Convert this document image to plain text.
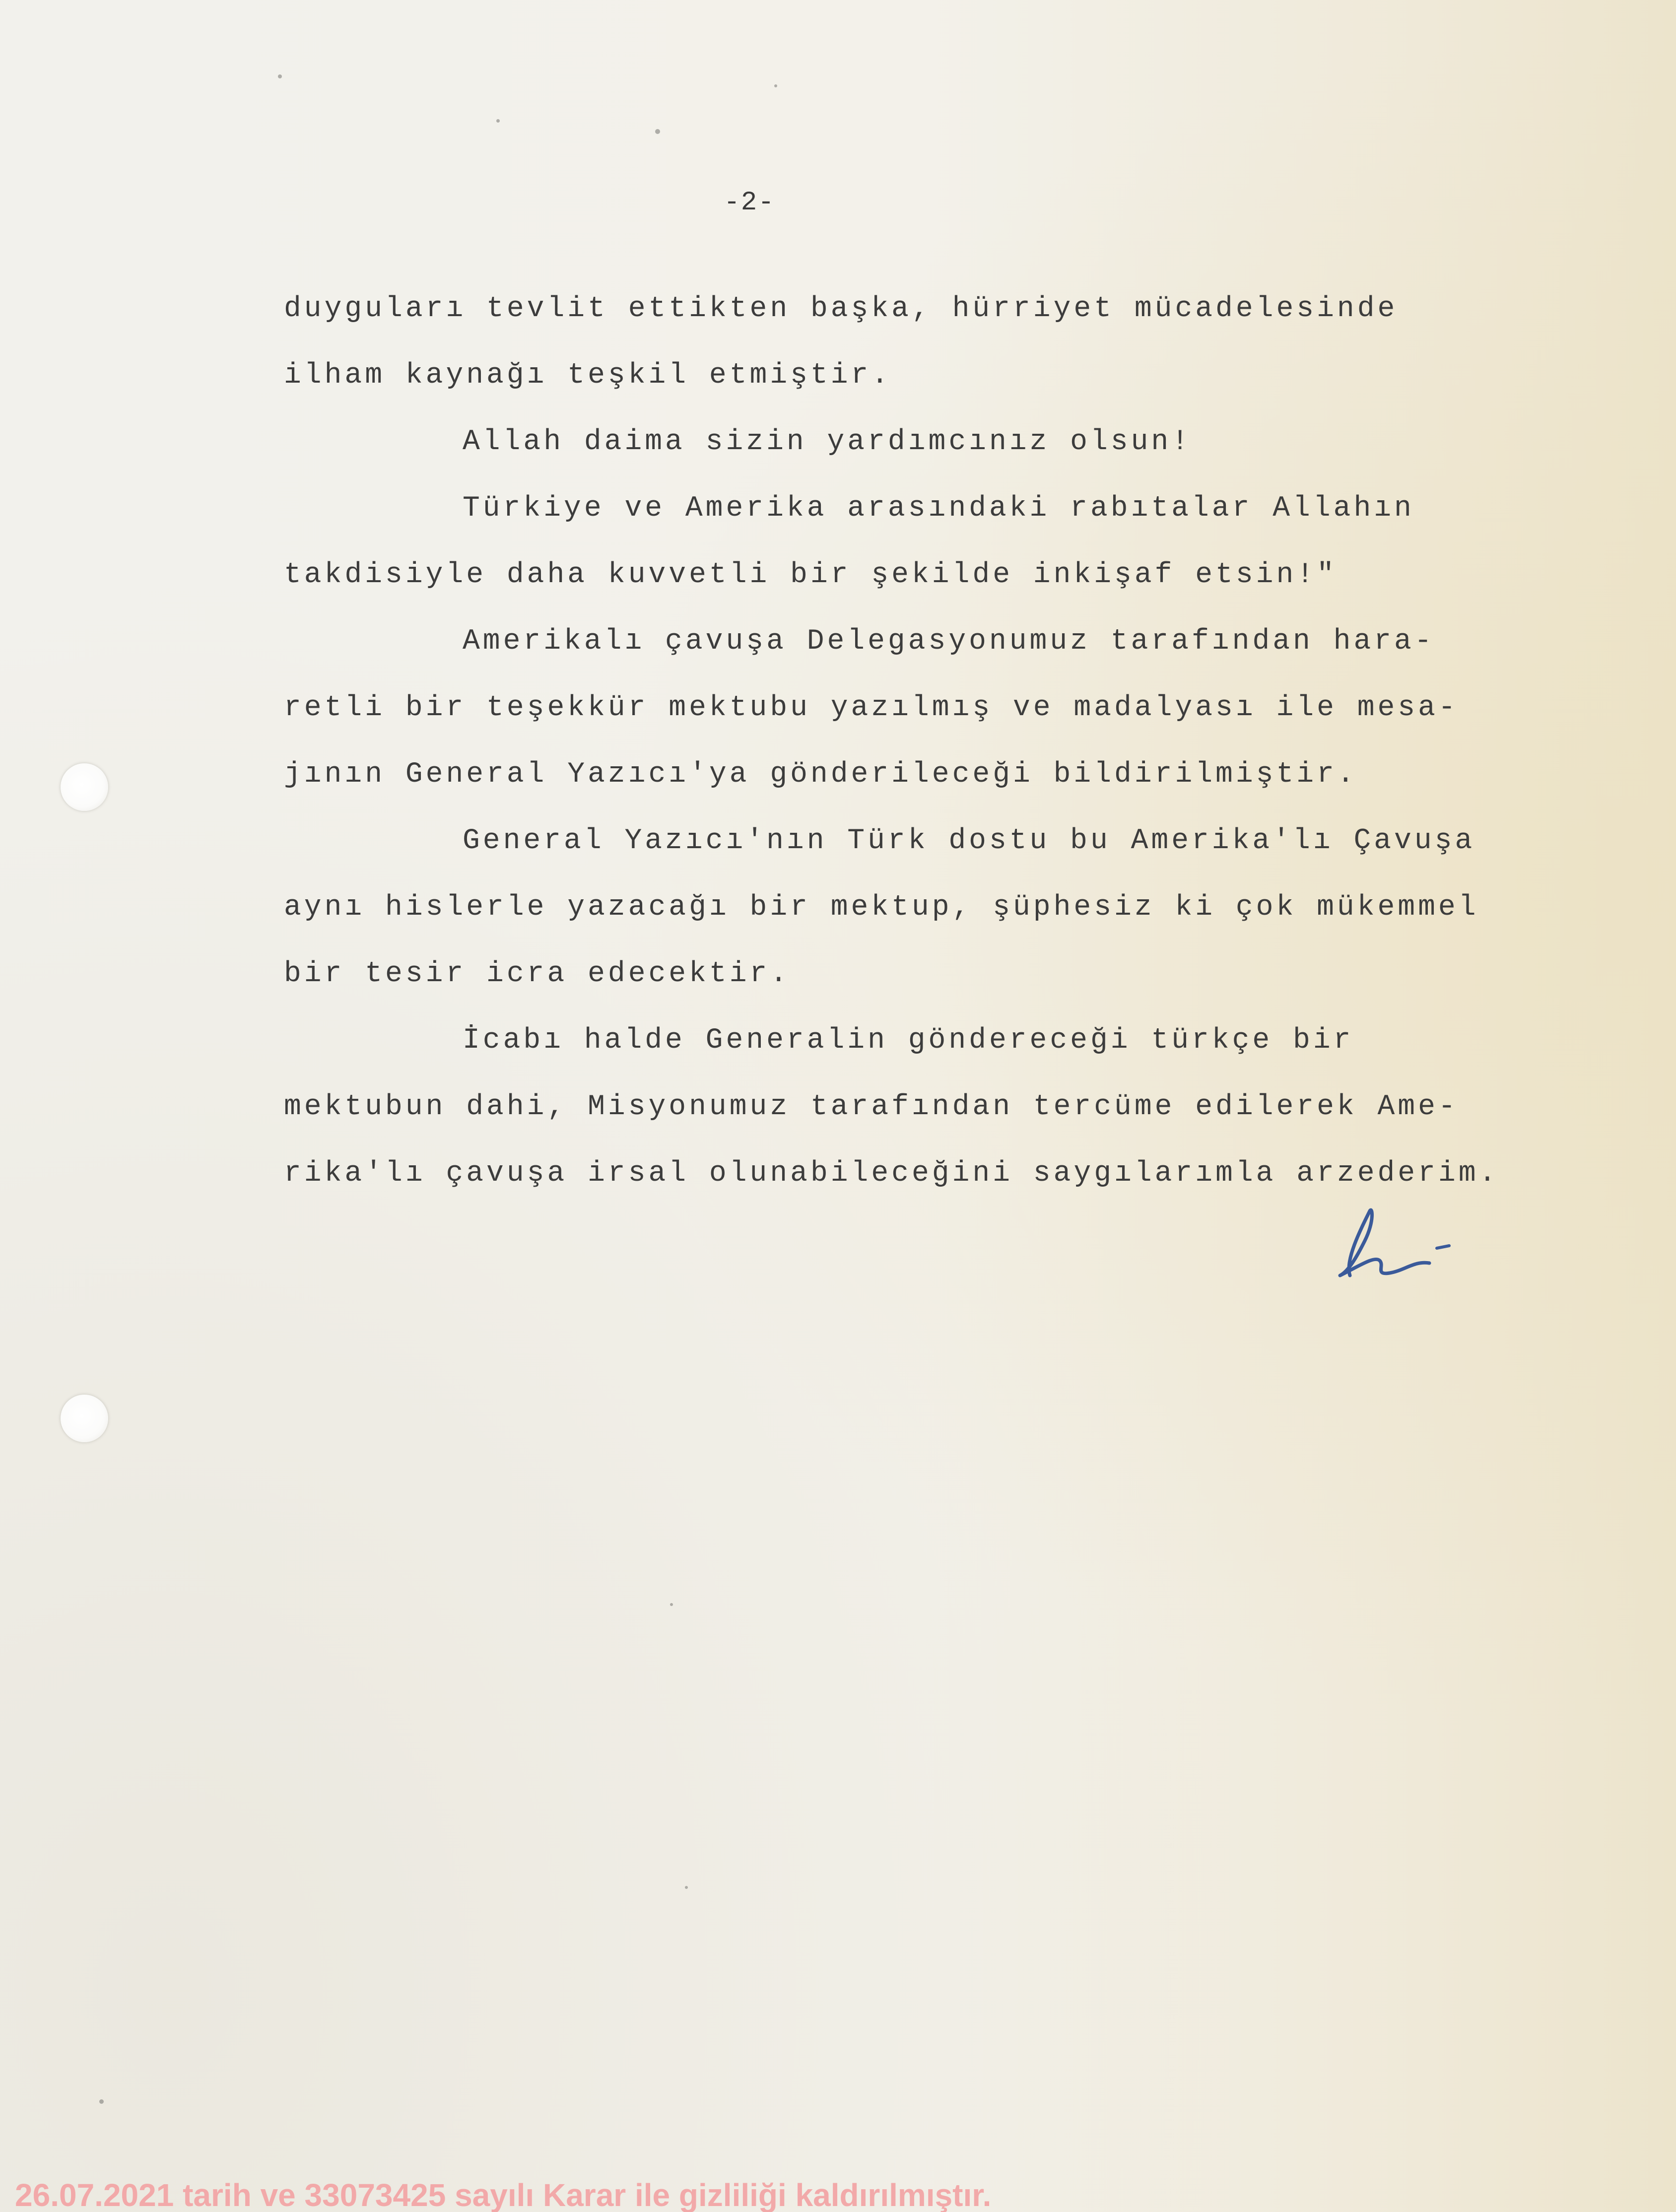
-2-
duyguları tevlit ettikten başka, hürriyet mücadelesinde
ilham kaynağı teşkil etmiştir.
Allah daima sizin yardımcınız olsun!
Türkiye ve Amerika arasındaki rabıtalar Allahın
takdisiyle daha kuvvetli bir şekilde inkişaf etsin!"
Amerikalı çavuşa Delegasyonumuz tarafından hara-
retli bir teşekkür mektubu yazılmış ve madalyası ile mesa-
jının General Yazıcı'ya gönderileceği bildirilmiştir.
General Yazıcı'nın Türk dostu bu Amerika'lı Çavuşa
aynı hislerle yazacağı bir mektup, şüphesiz ki çok mükemmel
bir tesir icra edecektir.
İcabı halde Generalin göndereceği türkçe bir
mektubun dahi, Misyonumuz tarafından tercüme edilerek Ame-
rika'lı çavuşa irsal olunabileceğini saygılarımla arzederim.
26.07.2021 tarih ve 33073425 sayılı Karar ile gizliliği kaldırılmıştır.
